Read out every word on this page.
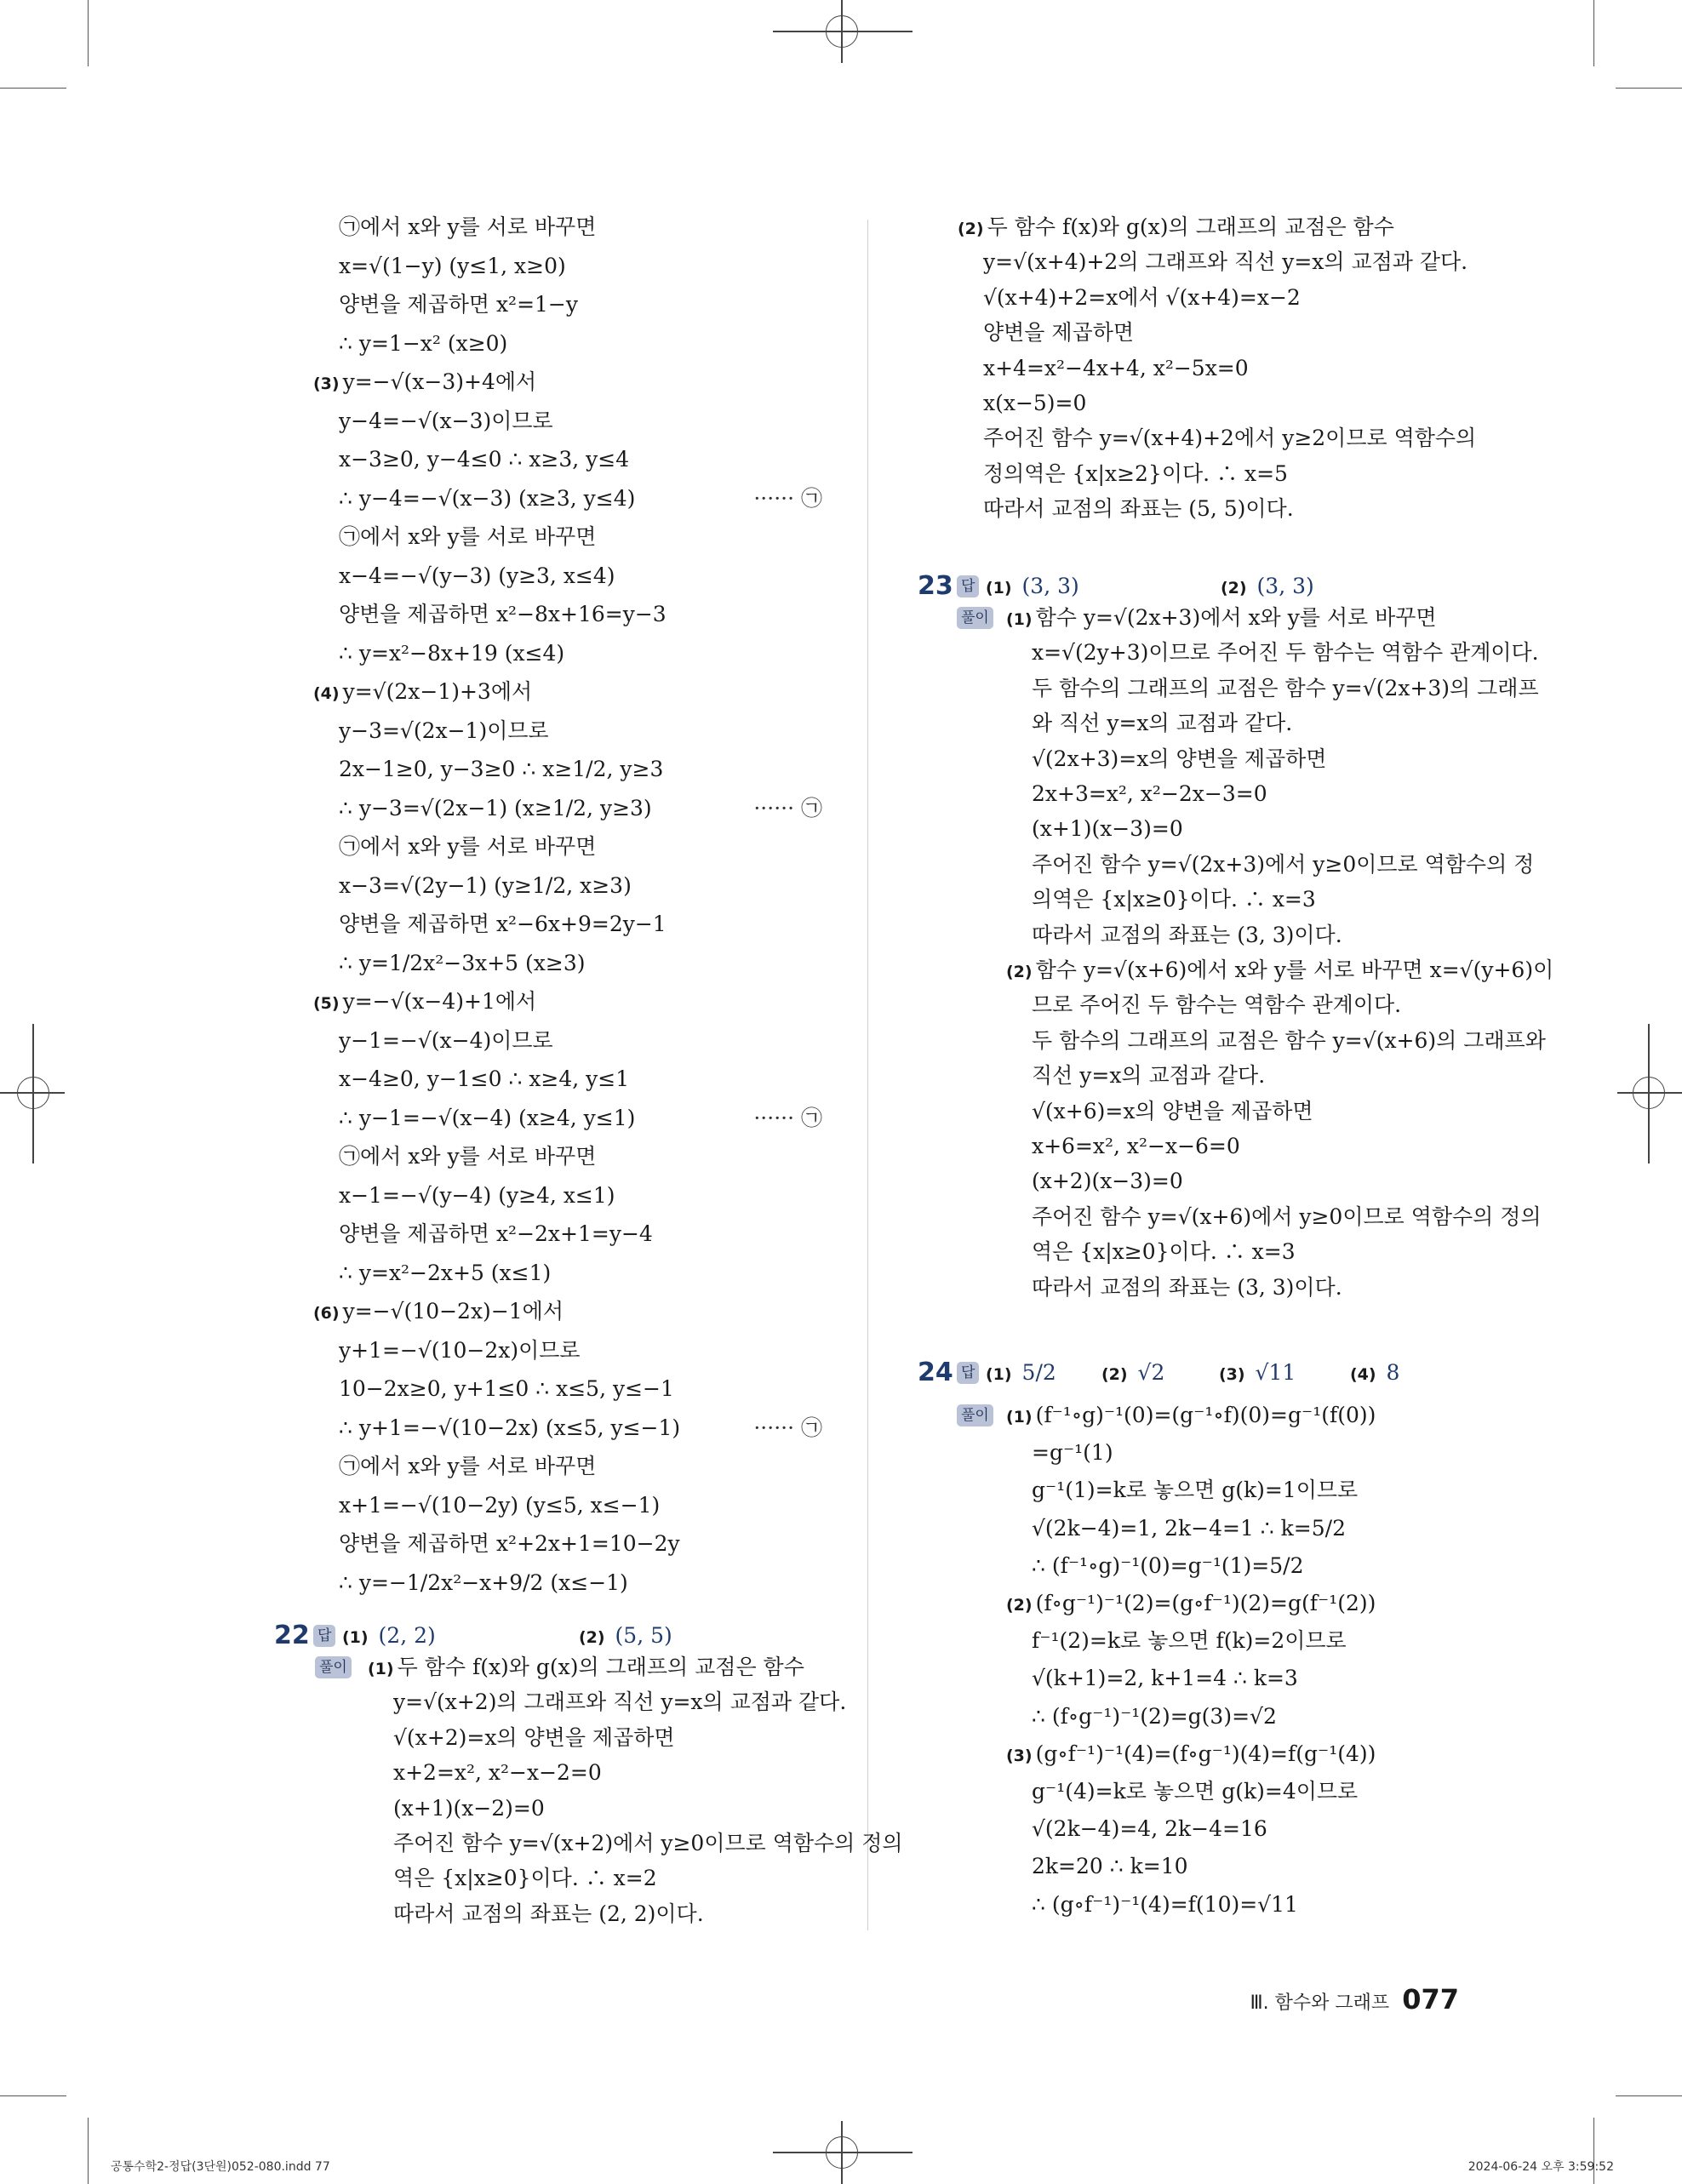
㉠에서 x와 y를 서로 바꾸면
x=√(1−y) (y≤1, x≥0)
양변을 제곱하면 x²=1−y
∴ y=1−x² (x≥0)
(3) y=−√(x−3)+4에서
y−4=−√(x−3)이므로
x−3≥0, y−4≤0 ∴ x≥3, y≤4
∴ y−4=−√(x−3) (x≥3, y≤4)	······ ㉠
㉠에서 x와 y를 서로 바꾸면
x−4=−√(y−3) (y≥3, x≤4)
양변을 제곱하면 x²−8x+16=y−3
∴ y=x²−8x+19 (x≤4)
(4) y=√(2x−1)+3에서
y−3=√(2x−1)이므로
2x−1≥0, y−3≥0 ∴ x≥1/2, y≥3
∴ y−3=√(2x−1) (x≥1/2, y≥3)	······ ㉠
㉠에서 x와 y를 서로 바꾸면
x−3=√(2y−1) (y≥1/2, x≥3)
양변을 제곱하면 x²−6x+9=2y−1
∴ y=1/2x²−3x+5 (x≥3)
(5) y=−√(x−4)+1에서
y−1=−√(x−4)이므로
x−4≥0, y−1≤0 ∴ x≥4, y≤1
∴ y−1=−√(x−4) (x≥4, y≤1)	······ ㉠
㉠에서 x와 y를 서로 바꾸면
x−1=−√(y−4) (y≥4, x≤1)
양변을 제곱하면 x²−2x+1=y−4
∴ y=x²−2x+5 (x≤1)
(6) y=−√(10−2x)−1에서
y+1=−√(10−2x)이므로
10−2x≥0, y+1≤0 ∴ x≤5, y≤−1
∴ y+1=−√(10−2x) (x≤5, y≤−1)	······ ㉠
㉠에서 x와 y를 서로 바꾸면
x+1=−√(10−2y) (y≤5, x≤−1)
양변을 제곱하면 x²+2x+1=10−2y
∴ y=−1/2x²−x+9/2 (x≤−1)
22 답 (1) (2, 2)	(2) (5, 5)
풀이 (1) 두 함수 f(x)와 g(x)의 그래프의 교점은 함수
y=√(x+2)의 그래프와 직선 y=x의 교점과 같다.
√(x+2)=x의 양변을 제곱하면
x+2=x², x²−x−2=0
(x+1)(x−2)=0
주어진 함수 y=√(x+2)에서 y≥0이므로 역함수의 정의
역은 {x|x≥0}이다. ∴ x=2
따라서 교점의 좌표는 (2, 2)이다.
(2) 두 함수 f(x)와 g(x)의 그래프의 교점은 함수
y=√(x+4)+2의 그래프와 직선 y=x의 교점과 같다.
√(x+4)+2=x에서 √(x+4)=x−2
양변을 제곱하면
x+4=x²−4x+4, x²−5x=0
x(x−5)=0
주어진 함수 y=√(x+4)+2에서 y≥2이므로 역함수의
정의역은 {x|x≥2}이다. ∴ x=5
따라서 교점의 좌표는 (5, 5)이다.
23 답 (1) (3, 3)	(2) (3, 3)
풀이 (1) 함수 y=√(2x+3)에서 x와 y를 서로 바꾸면
x=√(2y+3)이므로 주어진 두 함수는 역함수 관계이다.
두 함수의 그래프의 교점은 함수 y=√(2x+3)의 그래프
와 직선 y=x의 교점과 같다.
√(2x+3)=x의 양변을 제곱하면
2x+3=x², x²−2x−3=0
(x+1)(x−3)=0
주어진 함수 y=√(2x+3)에서 y≥0이므로 역함수의 정
의역은 {x|x≥0}이다. ∴ x=3
따라서 교점의 좌표는 (3, 3)이다.
(2) 함수 y=√(x+6)에서 x와 y를 서로 바꾸면 x=√(y+6)이
므로 주어진 두 함수는 역함수 관계이다.
두 함수의 그래프의 교점은 함수 y=√(x+6)의 그래프와
직선 y=x의 교점과 같다.
√(x+6)=x의 양변을 제곱하면
x+6=x², x²−x−6=0
(x+2)(x−3)=0
주어진 함수 y=√(x+6)에서 y≥0이므로 역함수의 정의
역은 {x|x≥0}이다. ∴ x=3
따라서 교점의 좌표는 (3, 3)이다.
24 답 (1) 5/2	(2) √2	(3) √11	(4) 8
풀이 (1) (f⁻¹∘g)⁻¹(0)=(g⁻¹∘f)(0)=g⁻¹(f(0))
=g⁻¹(1)
g⁻¹(1)=k로 놓으면 g(k)=1이므로
√(2k−4)=1, 2k−4=1 ∴ k=5/2
∴ (f⁻¹∘g)⁻¹(0)=g⁻¹(1)=5/2
(2) (f∘g⁻¹)⁻¹(2)=(g∘f⁻¹)(2)=g(f⁻¹(2))
f⁻¹(2)=k로 놓으면 f(k)=2이므로
√(k+1)=2, k+1=4 ∴ k=3
∴ (f∘g⁻¹)⁻¹(2)=g(3)=√2
(3) (g∘f⁻¹)⁻¹(4)=(f∘g⁻¹)(4)=f(g⁻¹(4))
g⁻¹(4)=k로 놓으면 g(k)=4이므로
√(2k−4)=4, 2k−4=16
2k=20 ∴ k=10
∴ (g∘f⁻¹)⁻¹(4)=f(10)=√11
Ⅲ. 함수와 그래프 077
공통수학2-정답(3단원)052-080.indd 77	2024-06-24 오후 3:59:52
